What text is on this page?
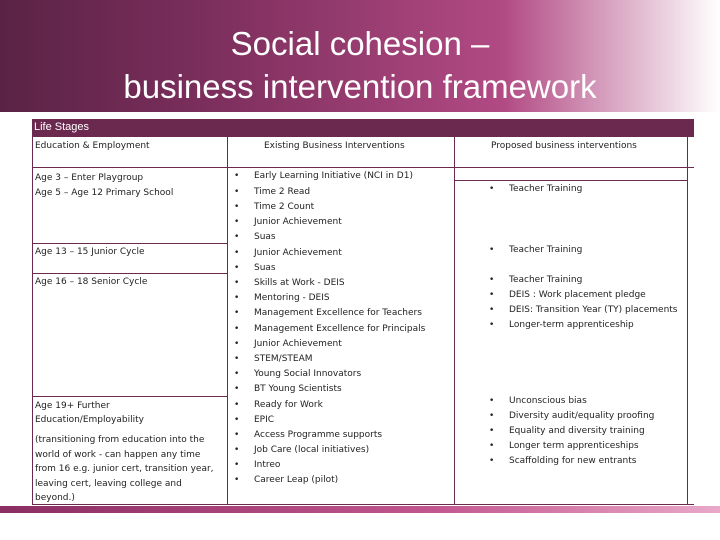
Social cohesion –
business intervention framework
Life Stages
Education & Employment	Existing Business Interventions	Proposed business interventions
Age 3 – Enter Playgroup
Age 5 – Age 12 Primary School
Age 13 – 15 Junior Cycle
Age 16 – 18 Senior Cycle
Age 19+ Further Education/Employability
(transitioning from education into the world of work - can happen any time from 16 e.g. junior cert, transition year, leaving cert, leaving college and beyond.)
• Early Learning Initiative (NCI in D1)
• Time 2 Read
• Time 2 Count
• Junior Achievement
• Suas
• Junior Achievement
• Suas
• Skills at Work - DEIS
• Mentoring - DEIS
• Management Excellence for Teachers
• Management Excellence for Principals
• Junior Achievement
• STEM/STEAM
• Young Social Innovators
• BT Young Scientists
• Ready for Work
• EPIC
• Access Programme supports
• Job Care (local initiatives)
• Intreo
• Career Leap (pilot)
• Teacher Training
• Teacher Training
• Teacher Training
• DEIS : Work placement pledge
• DEIS: Transition Year (TY) placements
• Longer-term apprenticeship
• Unconscious bias
• Diversity audit/equality proofing
• Equality and diversity training
• Longer term apprenticeships
• Scaffolding for new entrants
